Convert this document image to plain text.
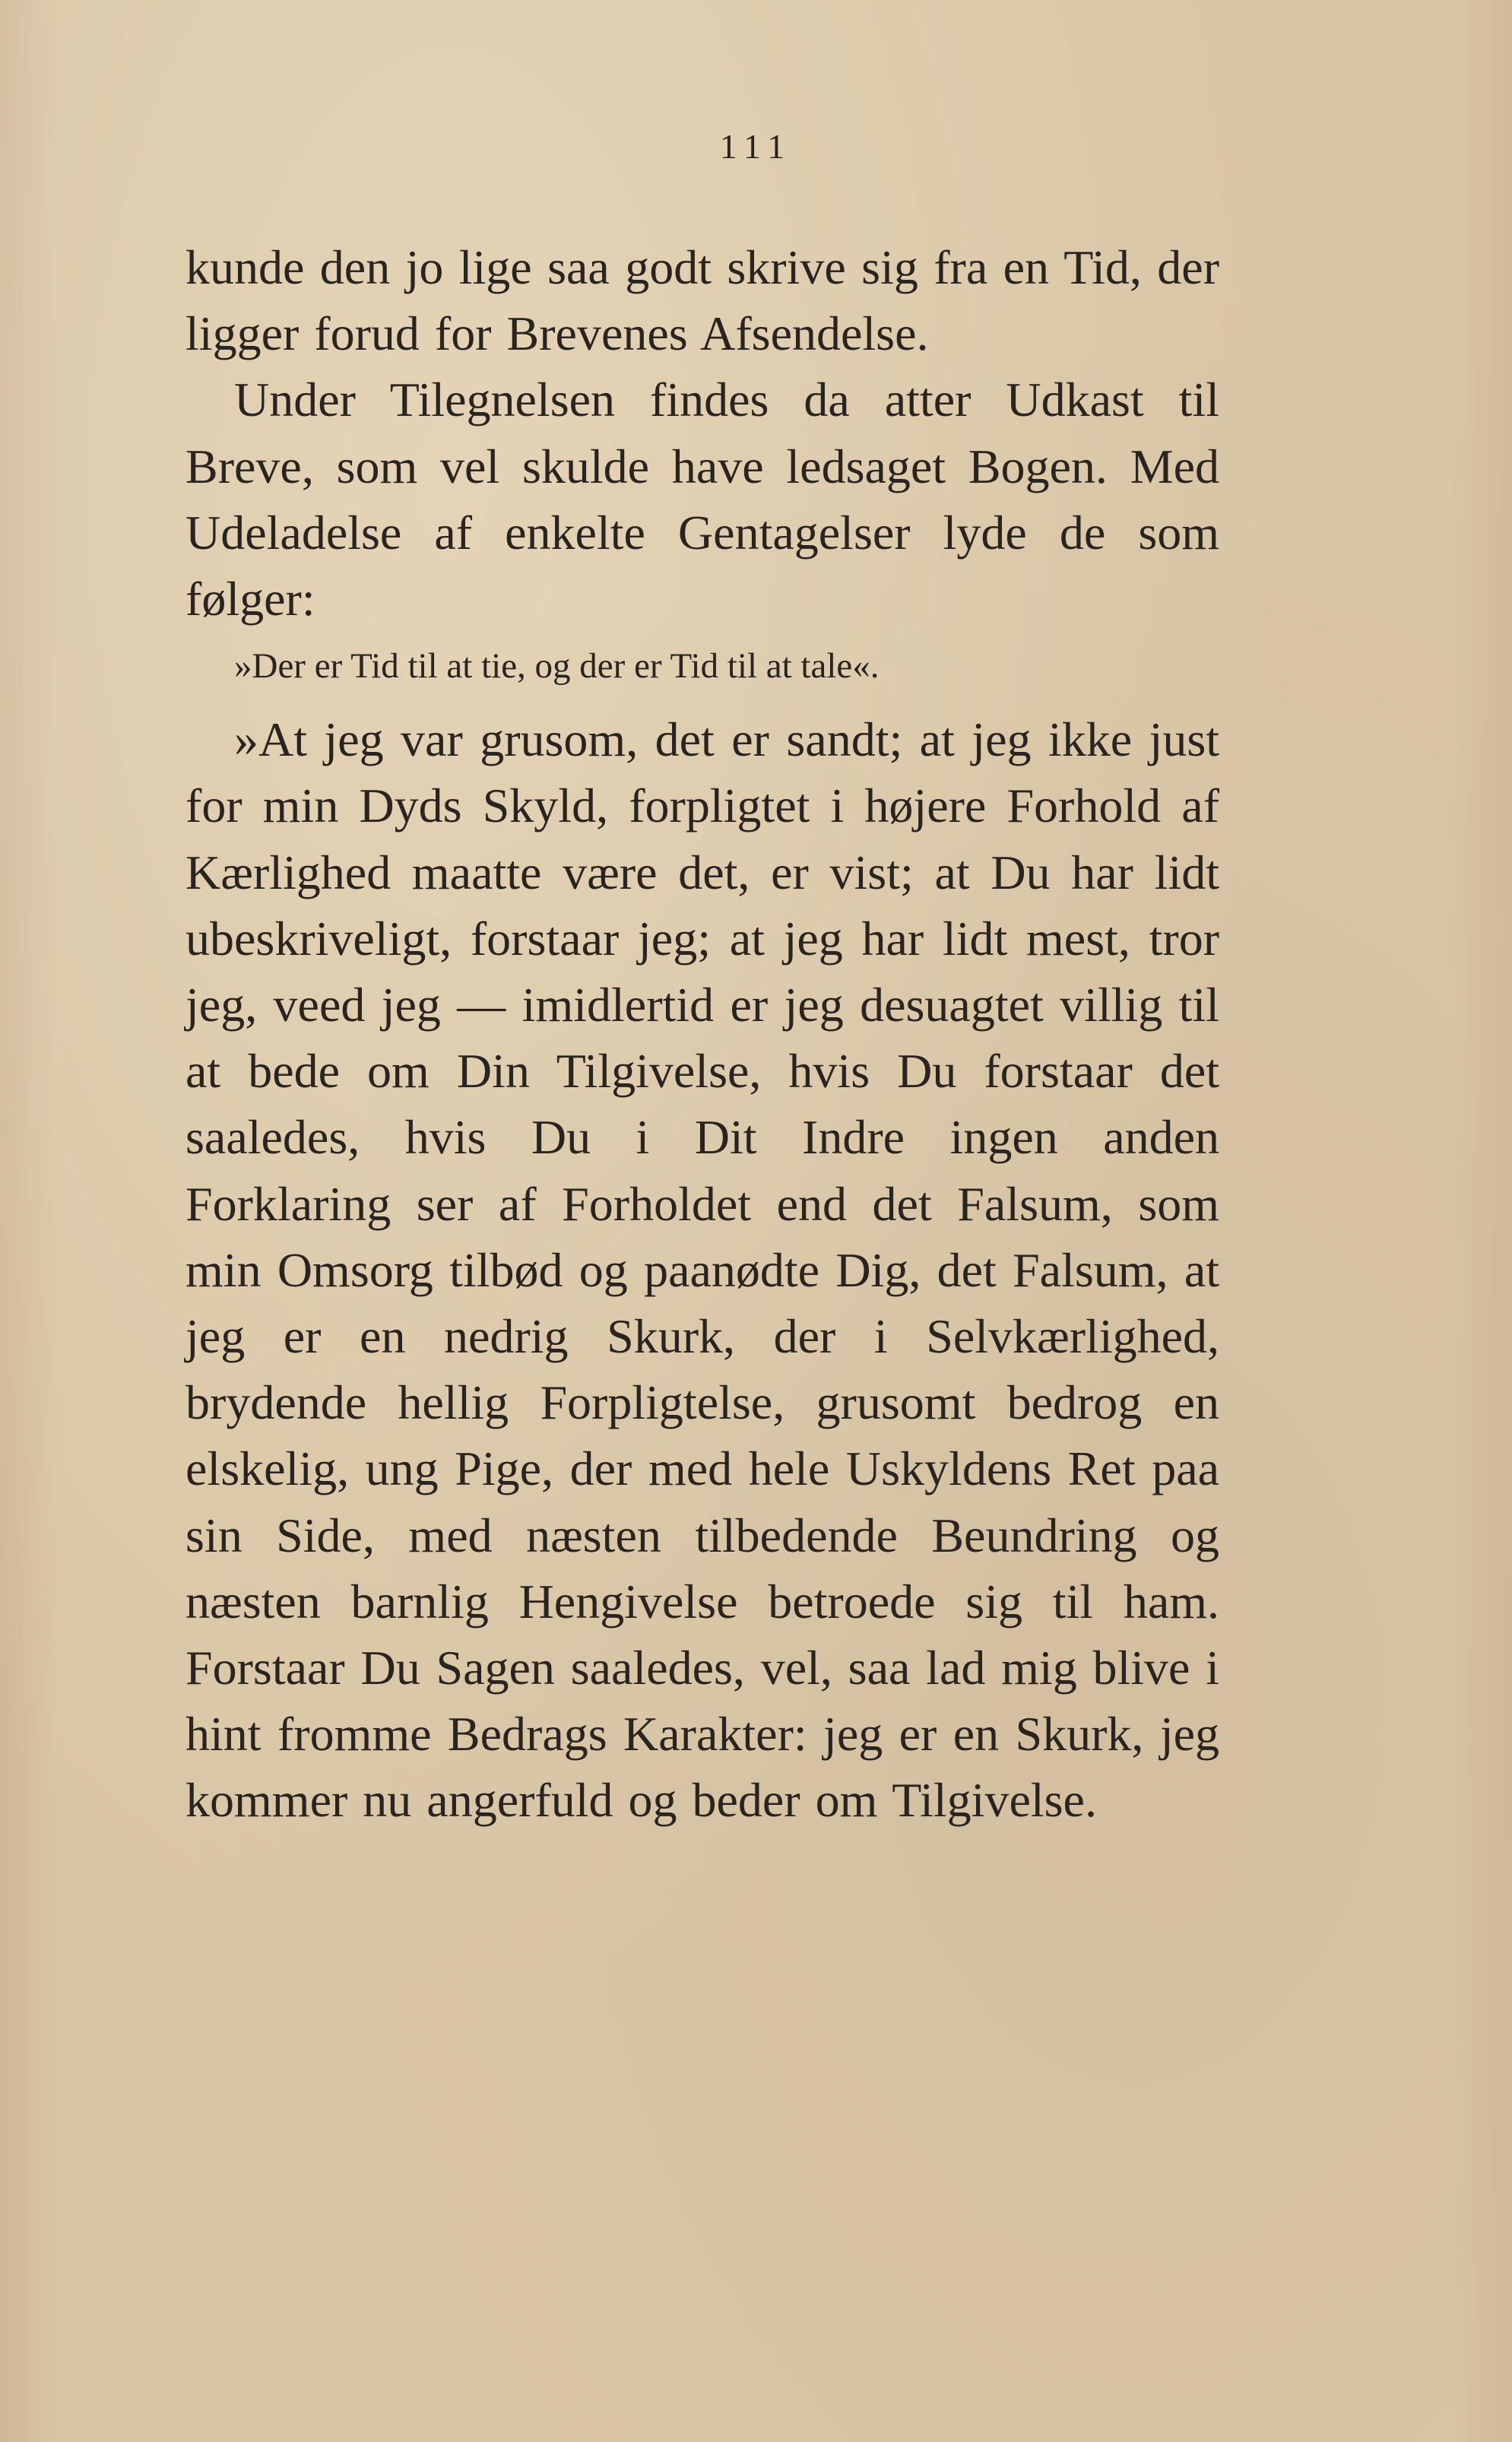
111

kunde den jo lige saa godt skrive sig fra en Tid, der ligger forud for Brevenes Afsendelse.

Under Tilegnelsen findes da atter Udkast til Breve, som vel skulde have ledsaget Bogen. Med Udeladelse af enkelte Gentagelser lyde de som følger:

»Der er Tid til at tie, og der er Tid til at tale«.

»At jeg var grusom, det er sandt; at jeg ikke just for min Dyds Skyld, forpligtet i højere Forhold af Kærlighed maatte være det, er vist; at Du har lidt ubeskriveligt, forstaar jeg; at jeg har lidt mest, tror jeg, veed jeg — imidlertid er jeg desuagtet villig til at bede om Din Tilgivelse, hvis Du forstaar det saaledes, hvis Du i Dit Indre ingen anden Forklaring ser af Forholdet end det Falsum, som min Omsorg tilbød og paanødte Dig, det Falsum, at jeg er en nedrig Skurk, der i Selvkærlighed, brydende hellig Forpligtelse, grusomt bedrog en elskelig, ung Pige, der med hele Uskyldens Ret paa sin Side, med næsten tilbedende Beundring og næsten barnlig Hengivelse betroede sig til ham. Forstaar Du Sagen saaledes, vel, saa lad mig blive i hint fromme Bedrags Karakter: jeg er en Skurk, jeg kommer nu angerfuld og beder om Tilgivelse.
